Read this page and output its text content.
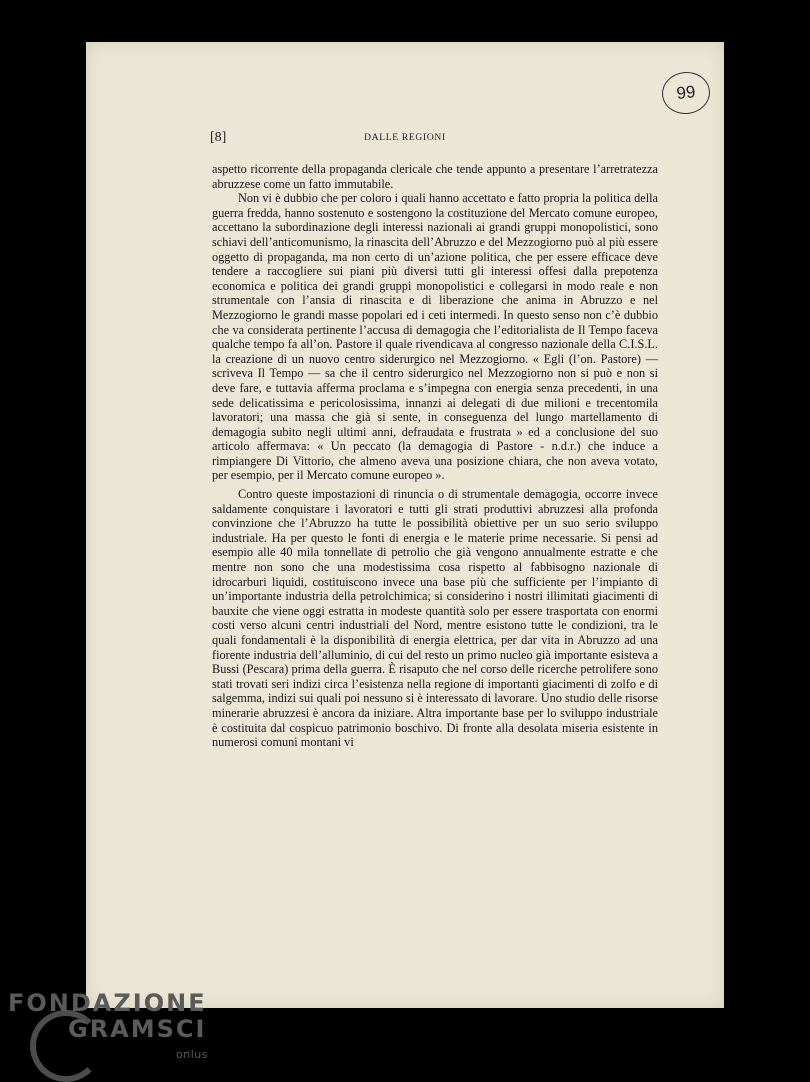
99
[8]	DALLE REGIONI

aspetto ricorrente della propaganda clericale che tende appunto a presentare l’arretratezza abruzzese come un fatto immutabile.

Non vi è dubbio che per coloro i quali hanno accettato e fatto propria la politica della guerra fredda, hanno sostenuto e sostengono la costituzione del Mercato comune europeo, accettano la subordinazione degli interessi nazionali ai grandi gruppi monopolistici, sono schiavi dell’anticomunismo, la rinascita dell’Abruzzo e del Mezzogiorno può al più essere oggetto di propaganda, ma non certo di un’azione politica, che per essere efficace deve tendere a raccogliere sui piani più diversi tutti gli interessi offesi dalla prepotenza economica e politica dei grandi gruppi monopolistici e collegarsi in modo reale e non strumentale con l’ansia di rinascita e di liberazione che anima in Abruzzo e nel Mezzogiorno le grandi masse popolari ed i ceti intermedi. In questo senso non c’è dubbio che va considerata pertinente l’accusa di demagogia che l’editorialista de Il Tempo faceva qualche tempo fa all’on. Pastore il quale rivendicava al congresso nazionale della C.I.S.L. la creazione di un nuovo centro siderurgico nel Mezzogiorno. « Egli (l’on. Pastore) — scriveva Il Tempo — sa che il centro siderurgico nel Mezzogiorno non si può e non si deve fare, e tuttavia afferma proclama e s’impegna con energia senza precedenti, in una sede delicatissima e pericolosissima, innanzi ai delegati di due milioni e trecentomila lavoratori; una massa che già si sente, in conseguenza del lungo martellamento di demagogia subito negli ultimi anni, defraudata e frustrata » ed a conclusione del suo articolo affermava: « Un peccato (la demagogia di Pastore - n.d.r.) che induce a rimpiangere Di Vittorio, che almeno aveva una posizione chiara, che non aveva votato, per esempio, per il Mercato comune europeo ».

Contro queste impostazioni di rinuncia o di strumentale demagogia, occorre invece saldamente conquistare i lavoratori e tutti gli strati produttivi abruzzesi alla profonda convinzione che l’Abruzzo ha tutte le possibilità obiettive per un suo serio sviluppo industriale. Ha per questo le fonti di energia e le materie prime necessarie. Si pensi ad esempio alle 40 mila tonnellate di petrolio che già vengono annualmente estratte e che mentre non sono che una modestissima cosa rispetto al fabbisogno nazionale di idrocarburi liquidi, costituiscono invece una base più che sufficiente per l’impianto di un’importante industria della petrolchimica; si considerino i nostri illimitati giacimenti di bauxite che viene oggi estratta in modeste quantità solo per essere trasportata con enormi costi verso alcuni centri industriali del Nord, mentre esistono tutte le condizioni, tra le quali fondamentali è la disponibilità di energia elettrica, per dar vita in Abruzzo ad una fiorente industria dell’alluminio, di cui del resto un primo nucleo già importante esisteva a Bussi (Pescara) prima della guerra. È risaputo che nel corso delle ricerche petrolifere sono stati trovati seri indizi circa l’esistenza nella regione di importanti giacimenti di zolfo e di salgemma, indizi sui quali poi nessuno si è interessato di lavorare. Uno studio delle risorse minerarie abruzzesi è ancora da iniziare. Altra importante base per lo sviluppo industriale è costituita dal cospicuo patrimonio boschivo. Di fronte alla desolata miseria esistente in numerosi comuni montani vi

FONDAZIONE
GRAMSCI
onlus
